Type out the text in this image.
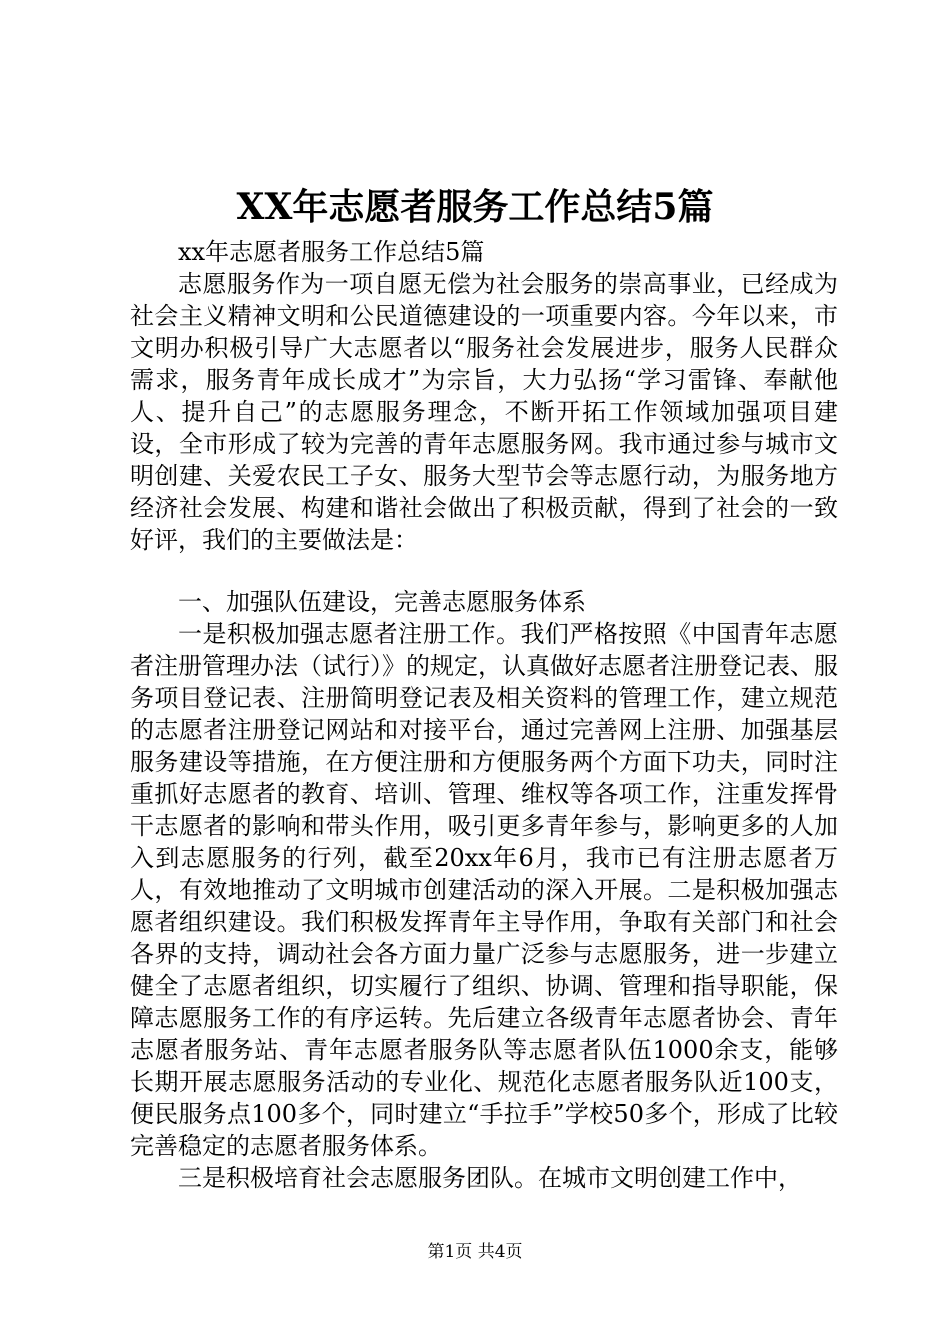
XX年志愿者服务工作总结5篇

xx年志愿者服务工作总结5篇

志愿服务作为一项自愿无偿为社会服务的崇高事业，已经成为社会主义精神文明和公民道德建设的一项重要内容。今年以来，市文明办积极引导广大志愿者以“服务社会发展进步，服务人民群众需求，服务青年成长成才”为宗旨，大力弘扬“学习雷锋、奉献他人、提升自己”的志愿服务理念，不断开拓工作领域加强项目建设，全市形成了较为完善的青年志愿服务网。我市通过参与城市文明创建、关爱农民工子女、服务大型节会等志愿行动，为服务地方经济社会发展、构建和谐社会做出了积极贡献，得到了社会的一致好评，我们的主要做法是：

一、加强队伍建设，完善志愿服务体系

一是积极加强志愿者注册工作。我们严格按照《中国青年志愿者注册管理办法（试行）》的规定，认真做好志愿者注册登记表、服务项目登记表、注册简明登记表及相关资料的管理工作，建立规范的志愿者注册登记网站和对接平台，通过完善网上注册、加强基层服务建设等措施，在方便注册和方便服务两个方面下功夫，同时注重抓好志愿者的教育、培训、管理、维权等各项工作，注重发挥骨干志愿者的影响和带头作用，吸引更多青年参与，影响更多的人加入到志愿服务的行列，截至20xx年6月，我市已有注册志愿者万人，有效地推动了文明城市创建活动的深入开展。二是积极加强志愿者组织建设。我们积极发挥青年主导作用，争取有关部门和社会各界的支持，调动社会各方面力量广泛参与志愿服务，进一步建立健全了志愿者组织，切实履行了组织、协调、管理和指导职能，保障志愿服务工作的有序运转。先后建立各级青年志愿者协会、青年志愿者服务站、青年志愿者服务队等志愿者队伍1000余支，能够长期开展志愿服务活动的专业化、规范化志愿者服务队近100支，便民服务点100多个，同时建立“手拉手”学校50多个，形成了比较完善稳定的志愿者服务体系。

三是积极培育社会志愿服务团队。在城市文明创建工作中，

第1页 共4页
